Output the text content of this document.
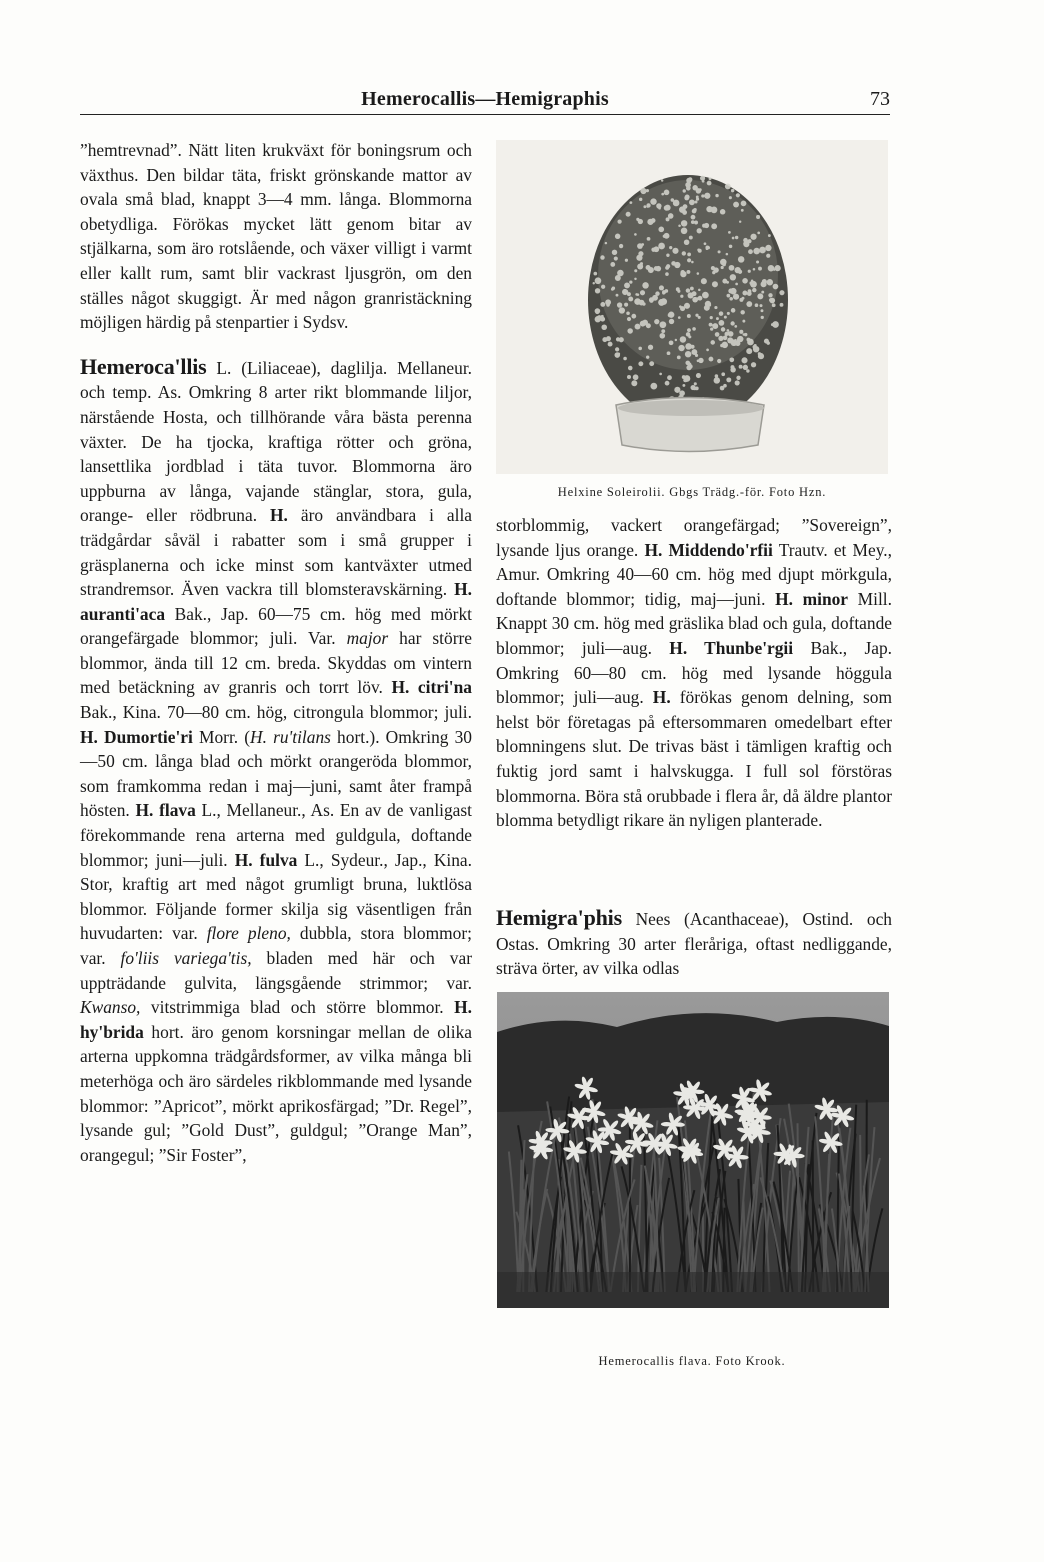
Hemerocallis—Hemigraphis	73

”hemtrevnad”. Nätt liten krukväxt för boningsrum och växthus. Den bildar täta, friskt grönskande mattor av ovala små blad, knappt 3—4 mm. långa. Blommorna obetydliga. Förökas mycket lätt genom bitar av stjälkarna, som äro rotslående, och växer villigt i varmt eller kallt rum, samt blir vackrast ljusgrön, om den ställes något skuggigt. Är med någon granristäckning möjligen härdig på stenpartier i Sydsv.

Hemeroca'llis L. (Liliaceae), daglilja. Mellaneur. och temp. As. Omkring 8 arter rikt blommande liljor, närstående Hosta, och tillhörande våra bästa perenna växter. De ha tjocka, kraftiga rötter och gröna, lansettlika jordblad i täta tuvor. Blommorna äro uppburna av långa, vajande stänglar, stora, gula, orange- eller rödbruna. H. äro användbara i alla trädgårdar såväl i rabatter som i små grupper i gräsplanerna och icke minst som kantväxter utmed strandremsor. Även vackra till blomsteravskärning. H. auranti'aca Bak., Jap. 60—75 cm. hög med mörkt orangefärgade blommor; juli. Var. major har större blommor, ända till 12 cm. breda. Skyddas om vintern med betäckning av granris och torrt löv. H. citri'na Bak., Kina. 70—80 cm. hög, citrongula blommor; juli. H. Dumortie'ri Morr. (H. ru'tilans hort.). Omkring 30—50 cm. långa blad och mörkt orangeröda blommor, som framkomma redan i maj—juni, samt åter frampå hösten. H. flava L., Mellaneur., As. En av de vanligast förekommande rena arterna med guldgula, doftande blommor; juni—juli. H. fulva L., Sydeur., Jap., Kina. Stor, kraftig art med något grumligt bruna, luktlösa blommor. Följande former skilja sig väsentligen från huvudarten: var. flore pleno, dubbla, stora blommor; var. fo'liis variega'tis, bladen med här och var uppträdande gulvita, längsgående strimmor; var. Kwanso, vitstrimmiga blad och större blommor. H. hy'brida hort. äro genom korsningar mellan de olika arterna uppkomna trädgårdsformer, av vilka många bli meterhöga och äro särdeles rikblommande med lysande blommor: ”Apricot”, mörkt aprikosfärgad; ”Dr. Regel”, lysande gul; ”Gold Dust”, guldgul; ”Orange Man”, orangegul; ”Sir Foster”,

Helxine Soleirolii. Gbgs Trädg.-för. Foto Hzn.

storblommig, vackert orangefärgad; ”Sovereign”, lysande ljus orange. H. Middendo'rfii Trautv. et Mey., Amur. Omkring 40—60 cm. hög med djupt mörkgula, doftande blommor; tidig, maj—juni. H. minor Mill. Knappt 30 cm. hög med gräslika blad och gula, doftande blommor; juli—aug. H. Thunbe'rgii Bak., Jap. Omkring 60—80 cm. hög med lysande höggula blommor; juli—aug. H. förökas genom delning, som helst bör företagas på eftersommaren omedelbart efter blomningens slut. De trivas bäst i tämligen kraftig och fuktig jord samt i halvskugga. I full sol förstöras blommorna. Böra stå orubbade i flera år, då äldre plantor blomma betydligt rikare än nyligen planterade.

Hemigra'phis Nees (Acanthaceae), Ostind. och Ostas. Omkring 30 arter fleråriga, oftast nedliggande, sträva örter, av vilka odlas

Hemerocallis flava. Foto Krook.
